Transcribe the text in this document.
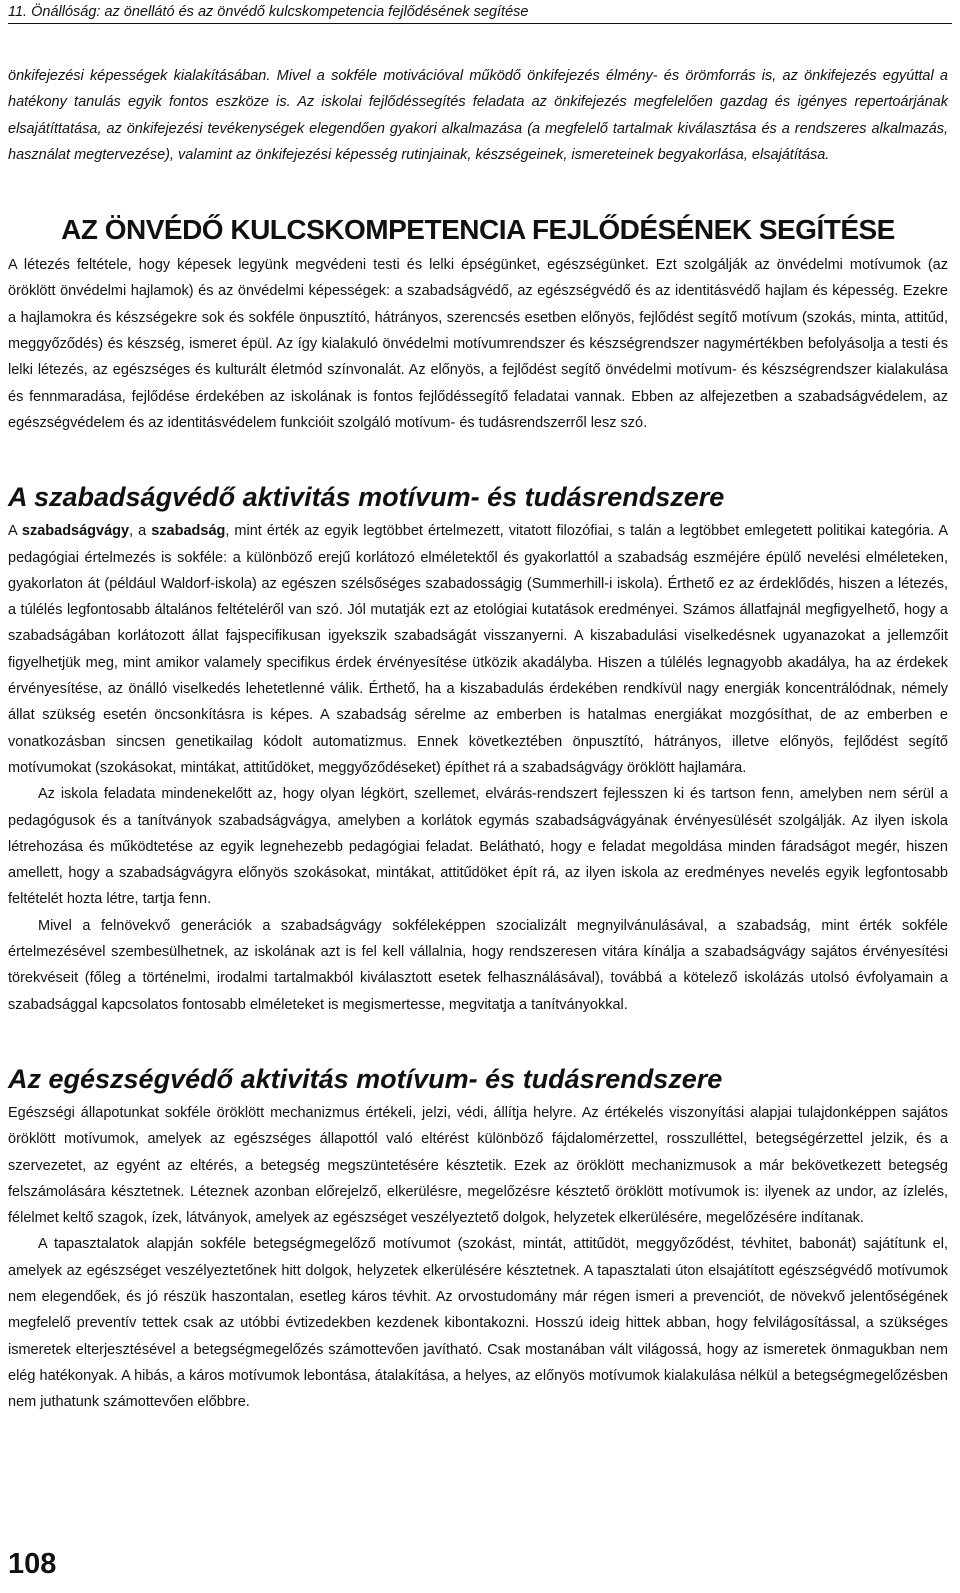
11. Önállóság: az önellátó és az önvédő kulcskompetencia fejlődésének segítése

önkifejezési képességek kialakításában. Mivel a sokféle motivációval működő önkifejezés élmény- és örömforrás is, az önkifejezés egyúttal a hatékony tanulás egyik fontos eszköze is. Az iskolai fejlődéssegítés feladata az önkifejezés megfelelően gazdag és igényes repertoárjának elsajátíttatása, az önkifejezési tevékenységek elegendően gyakori alkalmazása (a megfelelő tartalmak kiválasztása és a rendszeres alkalmazás, használat megtervezése), valamint az önkifejezési képesség rutinjainak, készségeinek, ismereteinek begyakorlása, elsajátítása.

AZ ÖNVÉDŐ KULCSKOMPETENCIA FEJLŐDÉSÉNEK SEGÍTÉSE

A létezés feltétele, hogy képesek legyünk megvédeni testi és lelki épségünket, egészségünket. Ezt szolgálják az önvédelmi motívumok (az öröklött önvédelmi hajlamok) és az önvédelmi képességek: a szabadságvédő, az egészségvédő és az identitásvédő hajlam és képesség. Ezekre a hajlamokra és készségekre sok és sokféle önpusztító, hátrányos, szerencsés esetben előnyös, fejlődést segítő motívum (szokás, minta, attitűd, meggyőződés) és készség, ismeret épül. Az így kialakuló önvédelmi motívumrendszer és készségrendszer nagymértékben befolyásolja a testi és lelki létezés, az egészséges és kulturált életmód színvonalát. Az előnyös, a fejlődést segítő önvédelmi motívum- és készségrendszer kialakulása és fennmaradása, fejlődése érdekében az iskolának is fontos fejlődéssegítő feladatai vannak. Ebben az alfejezetben a szabadságvédelem, az egészségvédelem és az identitásvédelem funkcióit szolgáló motívum- és tudásrendszerről lesz szó.

A szabadságvédő aktivitás motívum- és tudásrendszere

A szabadságvágy, a szabadság, mint érték az egyik legtöbbet értelmezett, vitatott filozófiai, s talán a legtöbbet emlegetett politikai kategória. A pedagógiai értelmezés is sokféle: a különböző erejű korlátozó elméletektől és gyakorlattól a szabadság eszméjére épülő nevelési elméleteken, gyakorlaton át (például Waldorf-iskola) az egészen szélsőséges szabadosságig (Summerhill-i iskola). Érthető ez az érdeklődés, hiszen a létezés, a túlélés legfontosabb általános feltételéről van szó. Jól mutatják ezt az etológiai kutatások eredményei. Számos állatfajnál megfigyelhető, hogy a szabadságában korlátozott állat fajspecifikusan igyekszik szabadságát visszanyerni. A kiszabadulási viselkedésnek ugyanazokat a jellemzőit figyelhetjük meg, mint amikor valamely specifikus érdek érvényesítése ütközik akadályba. Hiszen a túlélés legnagyobb akadálya, ha az érdekek érvényesítése, az önálló viselkedés lehetetlenné válik. Érthető, ha a kiszabadulás érdekében rendkívül nagy energiák koncentrálódnak, némely állat szükség esetén öncsonkításra is képes. A szabadság sérelme az emberben is hatalmas energiákat mozgósíthat, de az emberben e vonatkozásban sincsen genetikailag kódolt automatizmus. Ennek következtében önpusztító, hátrányos, illetve előnyös, fejlődést segítő motívumokat (szokásokat, mintákat, attitűdöket, meggyőződéseket) építhet rá a szabadságvágy öröklött hajlamára.

Az iskola feladata mindenekelőtt az, hogy olyan légkört, szellemet, elvárás-rendszert fejlesszen ki és tartson fenn, amelyben nem sérül a pedagógusok és a tanítványok szabadságvágya, amelyben a korlátok egymás szabadságvágyának érvényesülését szolgálják. Az ilyen iskola létrehozása és működtetése az egyik legnehezebb pedagógiai feladat. Belátható, hogy e feladat megoldása minden fáradságot megér, hiszen amellett, hogy a szabadságvágyra előnyös szokásokat, mintákat, attitűdöket épít rá, az ilyen iskola az eredményes nevelés egyik legfontosabb feltételét hozta létre, tartja fenn.

Mivel a felnövekvő generációk a szabadságvágy sokféleképpen szocializált megnyilvánulásával, a szabadság, mint érték sokféle értelmezésével szembesülhetnek, az iskolának azt is fel kell vállalnia, hogy rendszeresen vitára kínálja a szabadságvágy sajátos érvényesítési törekvéseit (főleg a történelmi, irodalmi tartalmakból kiválasztott esetek felhasználásával), továbbá a kötelező iskolázás utolsó évfolyamain a szabadsággal kapcsolatos fontosabb elméleteket is megismertesse, megvitatja a tanítványokkal.

Az egészségvédő aktivitás motívum- és tudásrendszere

Egészségi állapotunkat sokféle öröklött mechanizmus értékeli, jelzi, védi, állítja helyre. Az értékelés viszonyítási alapjai tulajdonképpen sajátos öröklött motívumok, amelyek az egészséges állapottól való eltérést különböző fájdalomérzettel, rosszulléttel, betegségérzettel jelzik, és a szervezetet, az egyént az eltérés, a betegség megszüntetésére késztetik. Ezek az öröklött mechanizmusok a már bekövetkezett betegség felszámolására késztetnek. Léteznek azonban előrejelző, elkerülésre, megelőzésre késztető öröklött motívumok is: ilyenek az undor, az ízlelés, félelmet keltő szagok, ízek, látványok, amelyek az egészséget veszélyeztető dolgok, helyzetek elkerülésére, megelőzésére indítanak.

A tapasztalatok alapján sokféle betegségmegelőző motívumot (szokást, mintát, attitűdöt, meggyőződést, tévhitet, babonát) sajátítunk el, amelyek az egészséget veszélyeztetőnek hitt dolgok, helyzetek elkerülésére késztetnek. A tapasztalati úton elsajátított egészségvédő motívumok nem elegendőek, és jó részük haszontalan, esetleg káros tévhit. Az orvostudomány már régen ismeri a prevenciót, de növekvő jelentőségének megfelelő preventív tettek csak az utóbbi évtizedekben kezdenek kibontakozni. Hosszú ideig hittek abban, hogy felvilágosítással, a szükséges ismeretek elterjesztésével a betegségmegelőzés számottevően javítható. Csak mostanában vált világossá, hogy az ismeretek önmagukban nem elég hatékonyak. A hibás, a káros motívumok lebontása, átalakítása, a helyes, az előnyös motívumok kialakulása nélkül a betegségmegelőzésben nem juthatunk számottevően előbbre.

108
